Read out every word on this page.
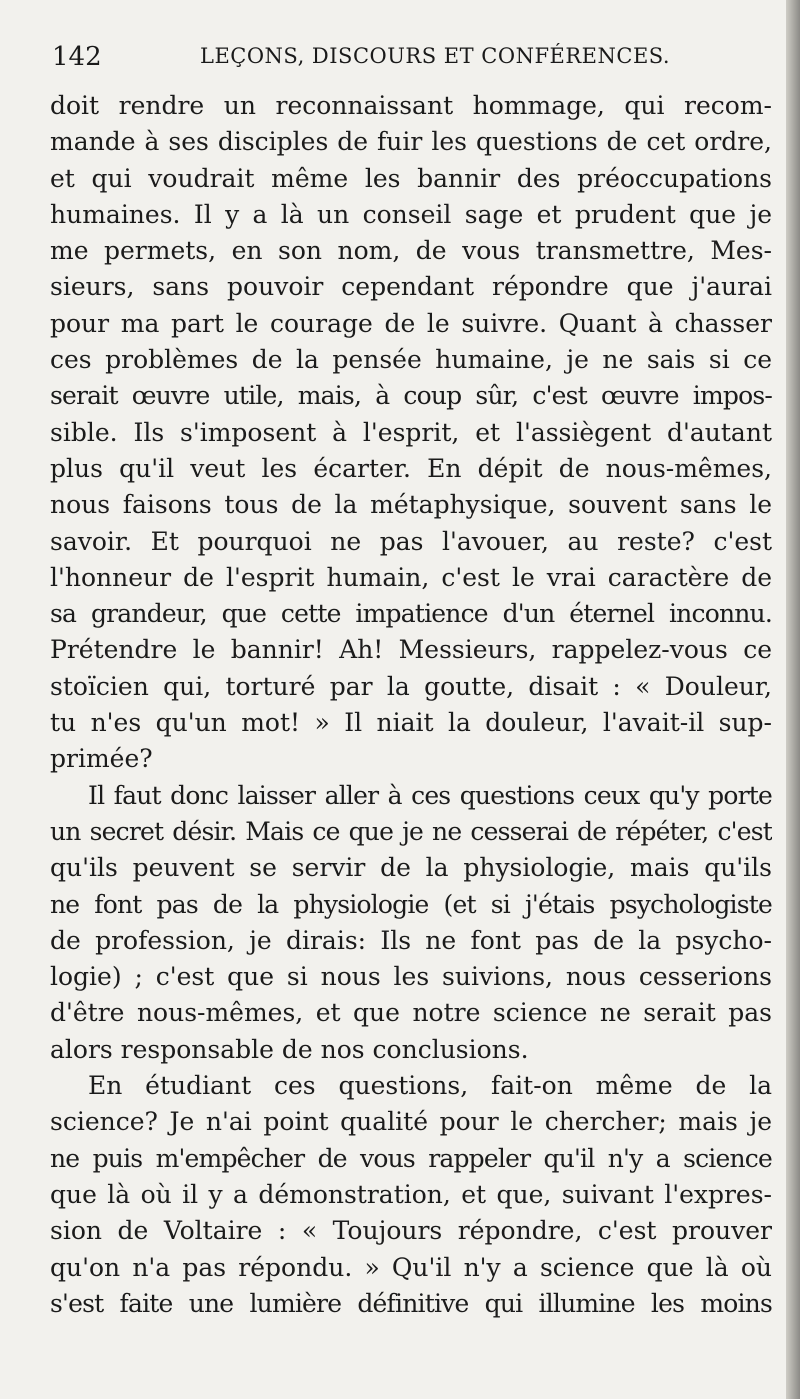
142	LEÇONS, DISCOURS ET CONFÉRENCES.
doit rendre un reconnaissant hommage, qui recom-
mande à ses disciples de fuir les questions de cet ordre,
et qui voudrait même les bannir des préoccupations
humaines. Il y a là un conseil sage et prudent que je
me permets, en son nom, de vous transmettre, Mes-
sieurs, sans pouvoir cependant répondre que j'aurai
pour ma part le courage de le suivre. Quant à chasser
ces problèmes de la pensée humaine, je ne sais si ce
serait œuvre utile, mais, à coup sûr, c'est œuvre impos-
sible. Ils s'imposent à l'esprit, et l'assiègent d'autant
plus qu'il veut les écarter. En dépit de nous-mêmes,
nous faisons tous de la métaphysique, souvent sans le
savoir. Et pourquoi ne pas l'avouer, au reste? c'est
l'honneur de l'esprit humain, c'est le vrai caractère de
sa grandeur, que cette impatience d'un éternel inconnu.
Prétendre le bannir! Ah! Messieurs, rappelez-vous ce
stoïcien qui, torturé par la goutte, disait : « Douleur,
tu n'es qu'un mot! » Il niait la douleur, l'avait-il sup-
primée?
Il faut donc laisser aller à ces questions ceux qu'y porte
un secret désir. Mais ce que je ne cesserai de répéter, c'est
qu'ils peuvent se servir de la physiologie, mais qu'ils
ne font pas de la physiologie (et si j'étais psychologiste
de profession, je dirais: Ils ne font pas de la psycho-
logie) ; c'est que si nous les suivions, nous cesserions
d'être nous-mêmes, et que notre science ne serait pas
alors responsable de nos conclusions.
En étudiant ces questions, fait-on même de la
science? Je n'ai point qualité pour le chercher; mais je
ne puis m'empêcher de vous rappeler qu'il n'y a science
que là où il y a démonstration, et que, suivant l'expres-
sion de Voltaire : « Toujours répondre, c'est prouver
qu'on n'a pas répondu. » Qu'il n'y a science que là où
s'est faite une lumière définitive qui illumine les moins
